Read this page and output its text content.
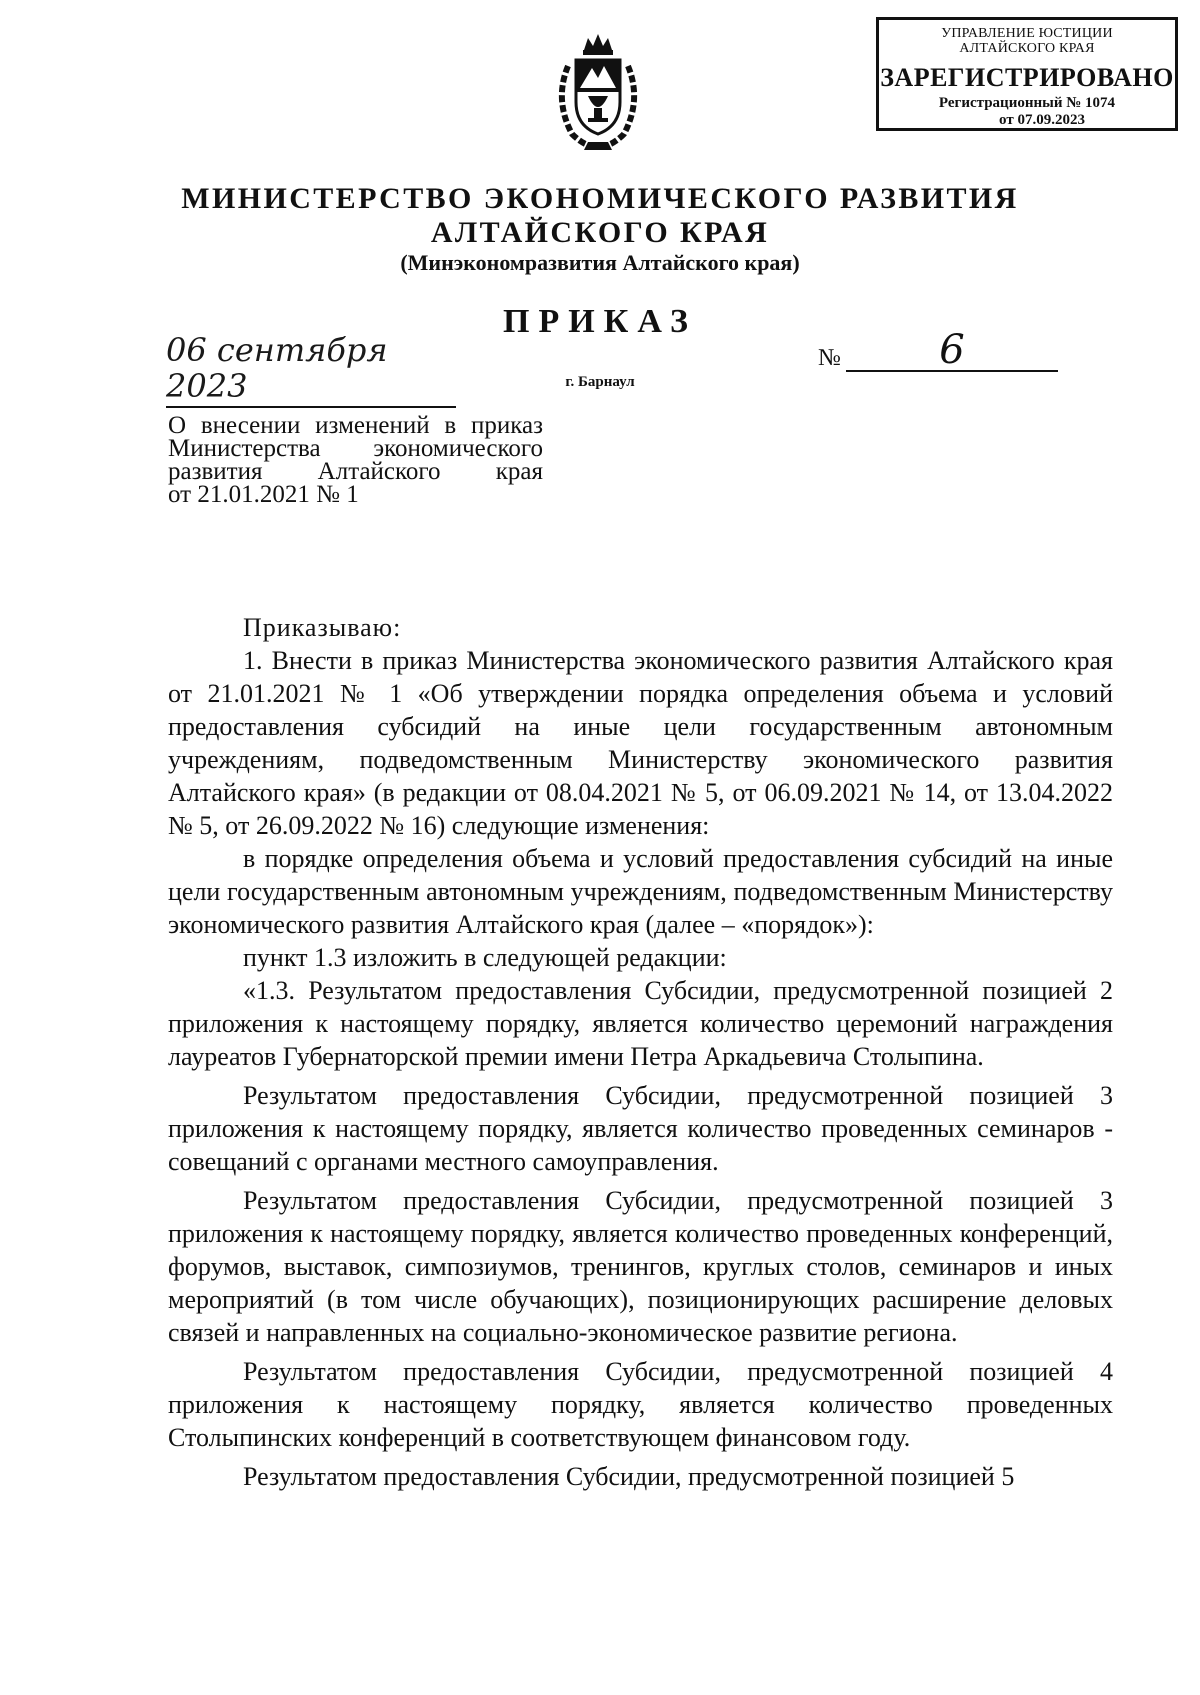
УПРАВЛЕНИЕ ЮСТИЦИИ
АЛТАЙСКОГО КРАЯ
ЗАРЕГИСТРИРОВАНО
Регистрационный № 1074
от 07.09.2023
МИНИСТЕРСТВО ЭКОНОМИЧЕСКОГО РАЗВИТИЯ
АЛТАЙСКОГО КРАЯ
(Минэкономразвития Алтайского края)
ПРИКАЗ
06 сентября 2023
№	6
г. Барнаул
О внесении изменений в приказ
Министерства экономического
развития Алтайского края
от 21.01.2021 № 1
Приказываю:

1. Внести в приказ Министерства экономического развития Алтайского края от 21.01.2021 № 1 «Об утверждении порядка определения объема и условий предоставления субсидий на иные цели государственным автономным учреждениям, подведомственным Министерству экономического развития Алтайского края» (в редакции от 08.04.2021 № 5, от 06.09.2021 № 14, от 13.04.2022 № 5, от 26.09.2022 № 16) следующие изменения:

в порядке определения объема и условий предоставления субсидий на иные цели государственным автономным учреждениям, подведомственным Министерству экономического развития Алтайского края (далее – «порядок»):

пункт 1.3 изложить в следующей редакции:

«1.3. Результатом предоставления Субсидии, предусмотренной позицией 2 приложения к настоящему порядку, является количество церемоний награждения лауреатов Губернаторской премии имени Петра Аркадьевича Столыпина.

Результатом предоставления Субсидии, предусмотренной позицией 3 приложения к настоящему порядку, является количество проведенных семинаров - совещаний с органами местного самоуправления.

Результатом предоставления Субсидии, предусмотренной позицией 3 приложения к настоящему порядку, является количество проведенных конференций, форумов, выставок, симпозиумов, тренингов, круглых столов, семинаров и иных мероприятий (в том числе обучающих), позиционирующих расширение деловых связей и направленных на социально-экономическое развитие региона.

Результатом предоставления Субсидии, предусмотренной позицией 4 приложения к настоящему порядку, является количество проведенных Столыпинских конференций в соответствующем финансовом году.

Результатом предоставления Субсидии, предусмотренной позицией 5
